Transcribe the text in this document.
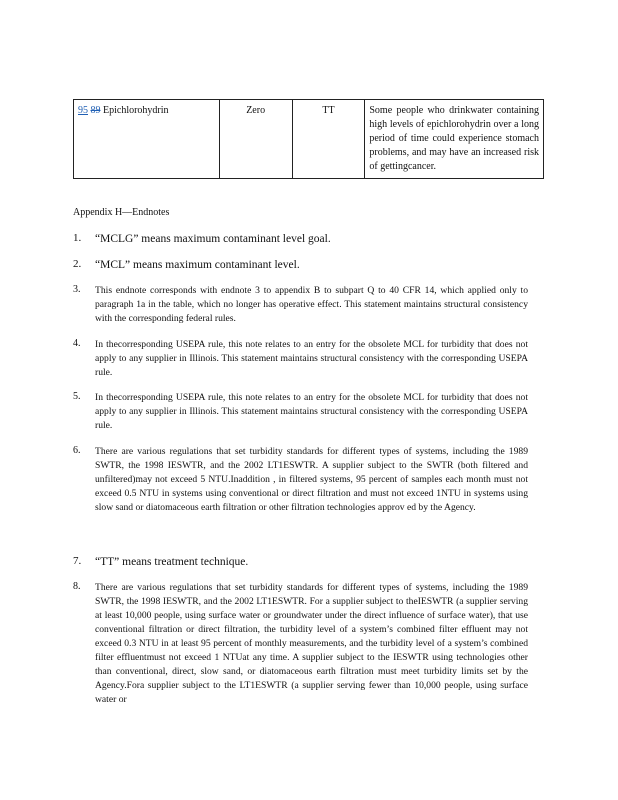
95 89 Epichlorohydrin	Zero	TT	Some people who drinkwater containing high levels of epichlorohydrin over a long period of time could experience stomach problems, and may have an increased risk of gettingcancer.
Appendix H—Endnotes
1.	“MCLG” means maximum contaminant level goal.
2.	“MCL” means maximum contaminant level.
3.	This endnote corresponds with endnote 3 to appendix B to subpart Q to 40 CFR 14, which applied only to paragraph 1a in the table, which no longer has operative effect. This statement maintains structural consistency with the corresponding federal rules.
4.	In thecorresponding USEPA rule, this note relates to an entry for the obsolete MCL for turbidity that does not apply to any supplier in Illinois. This statement maintains structural consistency with the corresponding USEPA rule.
5.	In thecorresponding USEPA rule, this note relates to an entry for the obsolete MCL for turbidity that does not apply to any supplier in Illinois. This statement maintains structural consistency with the corresponding USEPA rule.
6.	There are various regulations that set turbidity standards for different types of systems, including the 1989 SWTR, the 1998 IESWTR, and the 2002 LT1ESWTR. A supplier subject to the SWTR (both filtered and unfiltered)may not exceed 5 NTU.Inaddition , in filtered systems, 95 percent of samples each month must not exceed 0.5 NTU in systems using conventional or direct filtration and must not exceed 1NTU in systems using slow sand or diatomaceous earth filtration or other filtration technologies approv ed by the Agency.
7.	“TT” means treatment technique.
8.	There are various regulations that set turbidity standards for different types of systems, including the 1989 SWTR, the 1998 IESWTR, and the 2002 LT1ESWTR. For a supplier subject to theIESWTR (a supplier serving at least 10,000 people, using surface water or groundwater under the direct influence of surface water), that use conventional filtration or direct filtration, the turbidity level of a system’s combined filter effluent may not exceed 0.3 NTU in at least 95 percent of monthly measurements, and the turbidity level of a system’s combined filter effluentmust not exceed 1 NTUat any time. A supplier subject to the IESWTR using technologies other than conventional, direct, slow sand, or diatomaceous earth filtration must meet turbidity limits set by the Agency.Fora supplier subject to the LT1ESWTR (a supplier serving fewer than 10,000 people, using surface water or
